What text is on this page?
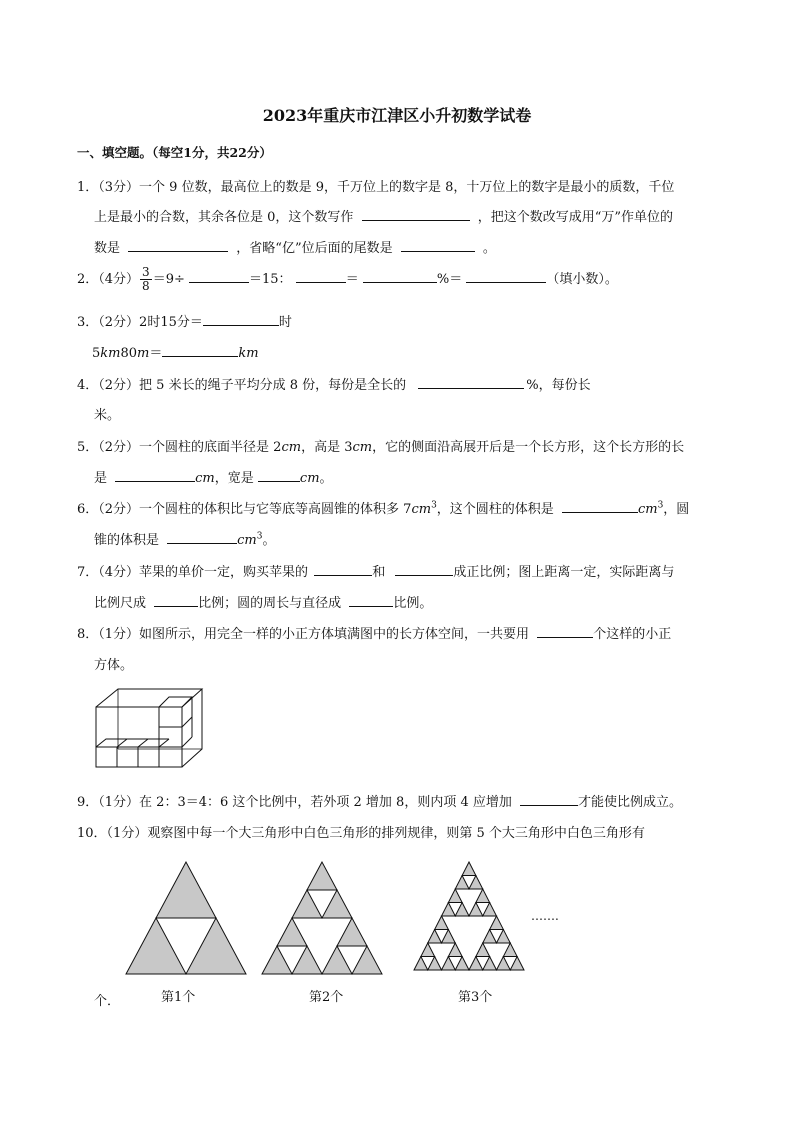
2023年重庆市江津区小升初数学试卷
一、填空题。（每空1分，共22分）
1．（3分）一个 9 位数，最高位上的数是 9，千万位上的数字是 8，十万位上的数字是最小的质数，千位
上是最小的合数，其余各位是 0，这个数写作	，把这个数改写成用“万”作单位的
数是	，省略“亿”位后面的尾数是	。
2．（4分） $\frac{3}{8} =9\div$	＝15：	＝	%＝	（填小数）。
3．（2分）2时15分＝	时
5km80m＝	km
4．（2分）把 5 米长的绳子平均分成 8 份，每份是全长的	%，每份长
米。
5．（2分）一个圆柱的底面半径是 2cm，高是 3cm，它的侧面沿高展开后是一个长方形，这个长方形的长
是	cm，宽是	cm。
6．（2分）一个圆柱的体积比与它等底等高圆锥的体积多 $7cm^3$，这个圆柱的体积是	$cm^3$，圆
锥的体积是	$cm^3$。
7．（4分）苹果的单价一定，购买苹果的	和	成正比例；图上距离一定，实际距离与
比例尺成	比例；圆的周长与直径成	比例。
8．（1分）如图所示，用完全一样的小正方体填满图中的长方体空间，一共要用	个这样的小正
方体。
9．（1分）在 2：3＝4：6 这个比例中，若外项 2 增加 8，则内项 4 应增加	才能使比例成立。
10．（1分）观察图中每一个大三角形中白色三角形的排列规律，则第 5 个大三角形中白色三角形有
…….
个．	第1个	第2个	第3个
